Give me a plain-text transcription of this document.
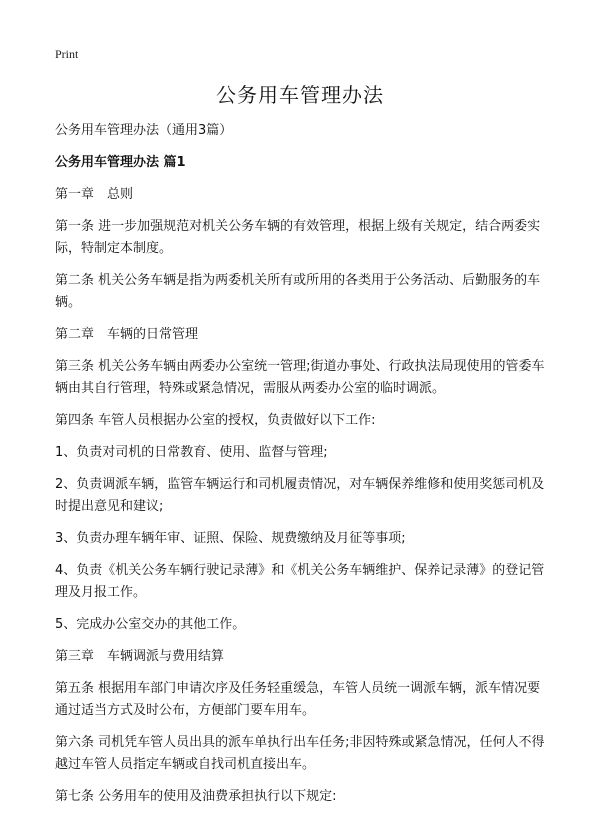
Print
公务用车管理办法

公务用车管理办法（通用3篇）

公务用车管理办法 篇1

第一章　总则

第一条 进一步加强规范对机关公务车辆的有效管理，根据上级有关规定，结合两委实际，特制定本制度。

第二条 机关公务车辆是指为两委机关所有或所用的各类用于公务活动、后勤服务的车辆。

第二章　车辆的日常管理

第三条 机关公务车辆由两委办公室统一管理;街道办事处、行政执法局现使用的管委车辆由其自行管理，特殊或紧急情况，需服从两委办公室的临时调派。

第四条 车管人员根据办公室的授权，负责做好以下工作:

1、负责对司机的日常教育、使用、监督与管理;

2、负责调派车辆，监管车辆运行和司机履责情况，对车辆保养维修和使用奖惩司机及时提出意见和建议;

3、负责办理车辆年审、证照、保险、规费缴纳及月征等事项;

4、负责《机关公务车辆行驶记录薄》和《机关公务车辆维护、保养记录薄》的登记管理及月报工作。

5、完成办公室交办的其他工作。

第三章　车辆调派与费用结算

第五条 根据用车部门申请次序及任务轻重缓急，车管人员统一调派车辆，派车情况要通过适当方式及时公布，方便部门要车用车。

第六条 司机凭车管人员出具的派车单执行出车任务;非因特殊或紧急情况，任何人不得越过车管人员指定车辆或自找司机直接出车。

第七条 公务用车的使用及油费承担执行以下规定:
